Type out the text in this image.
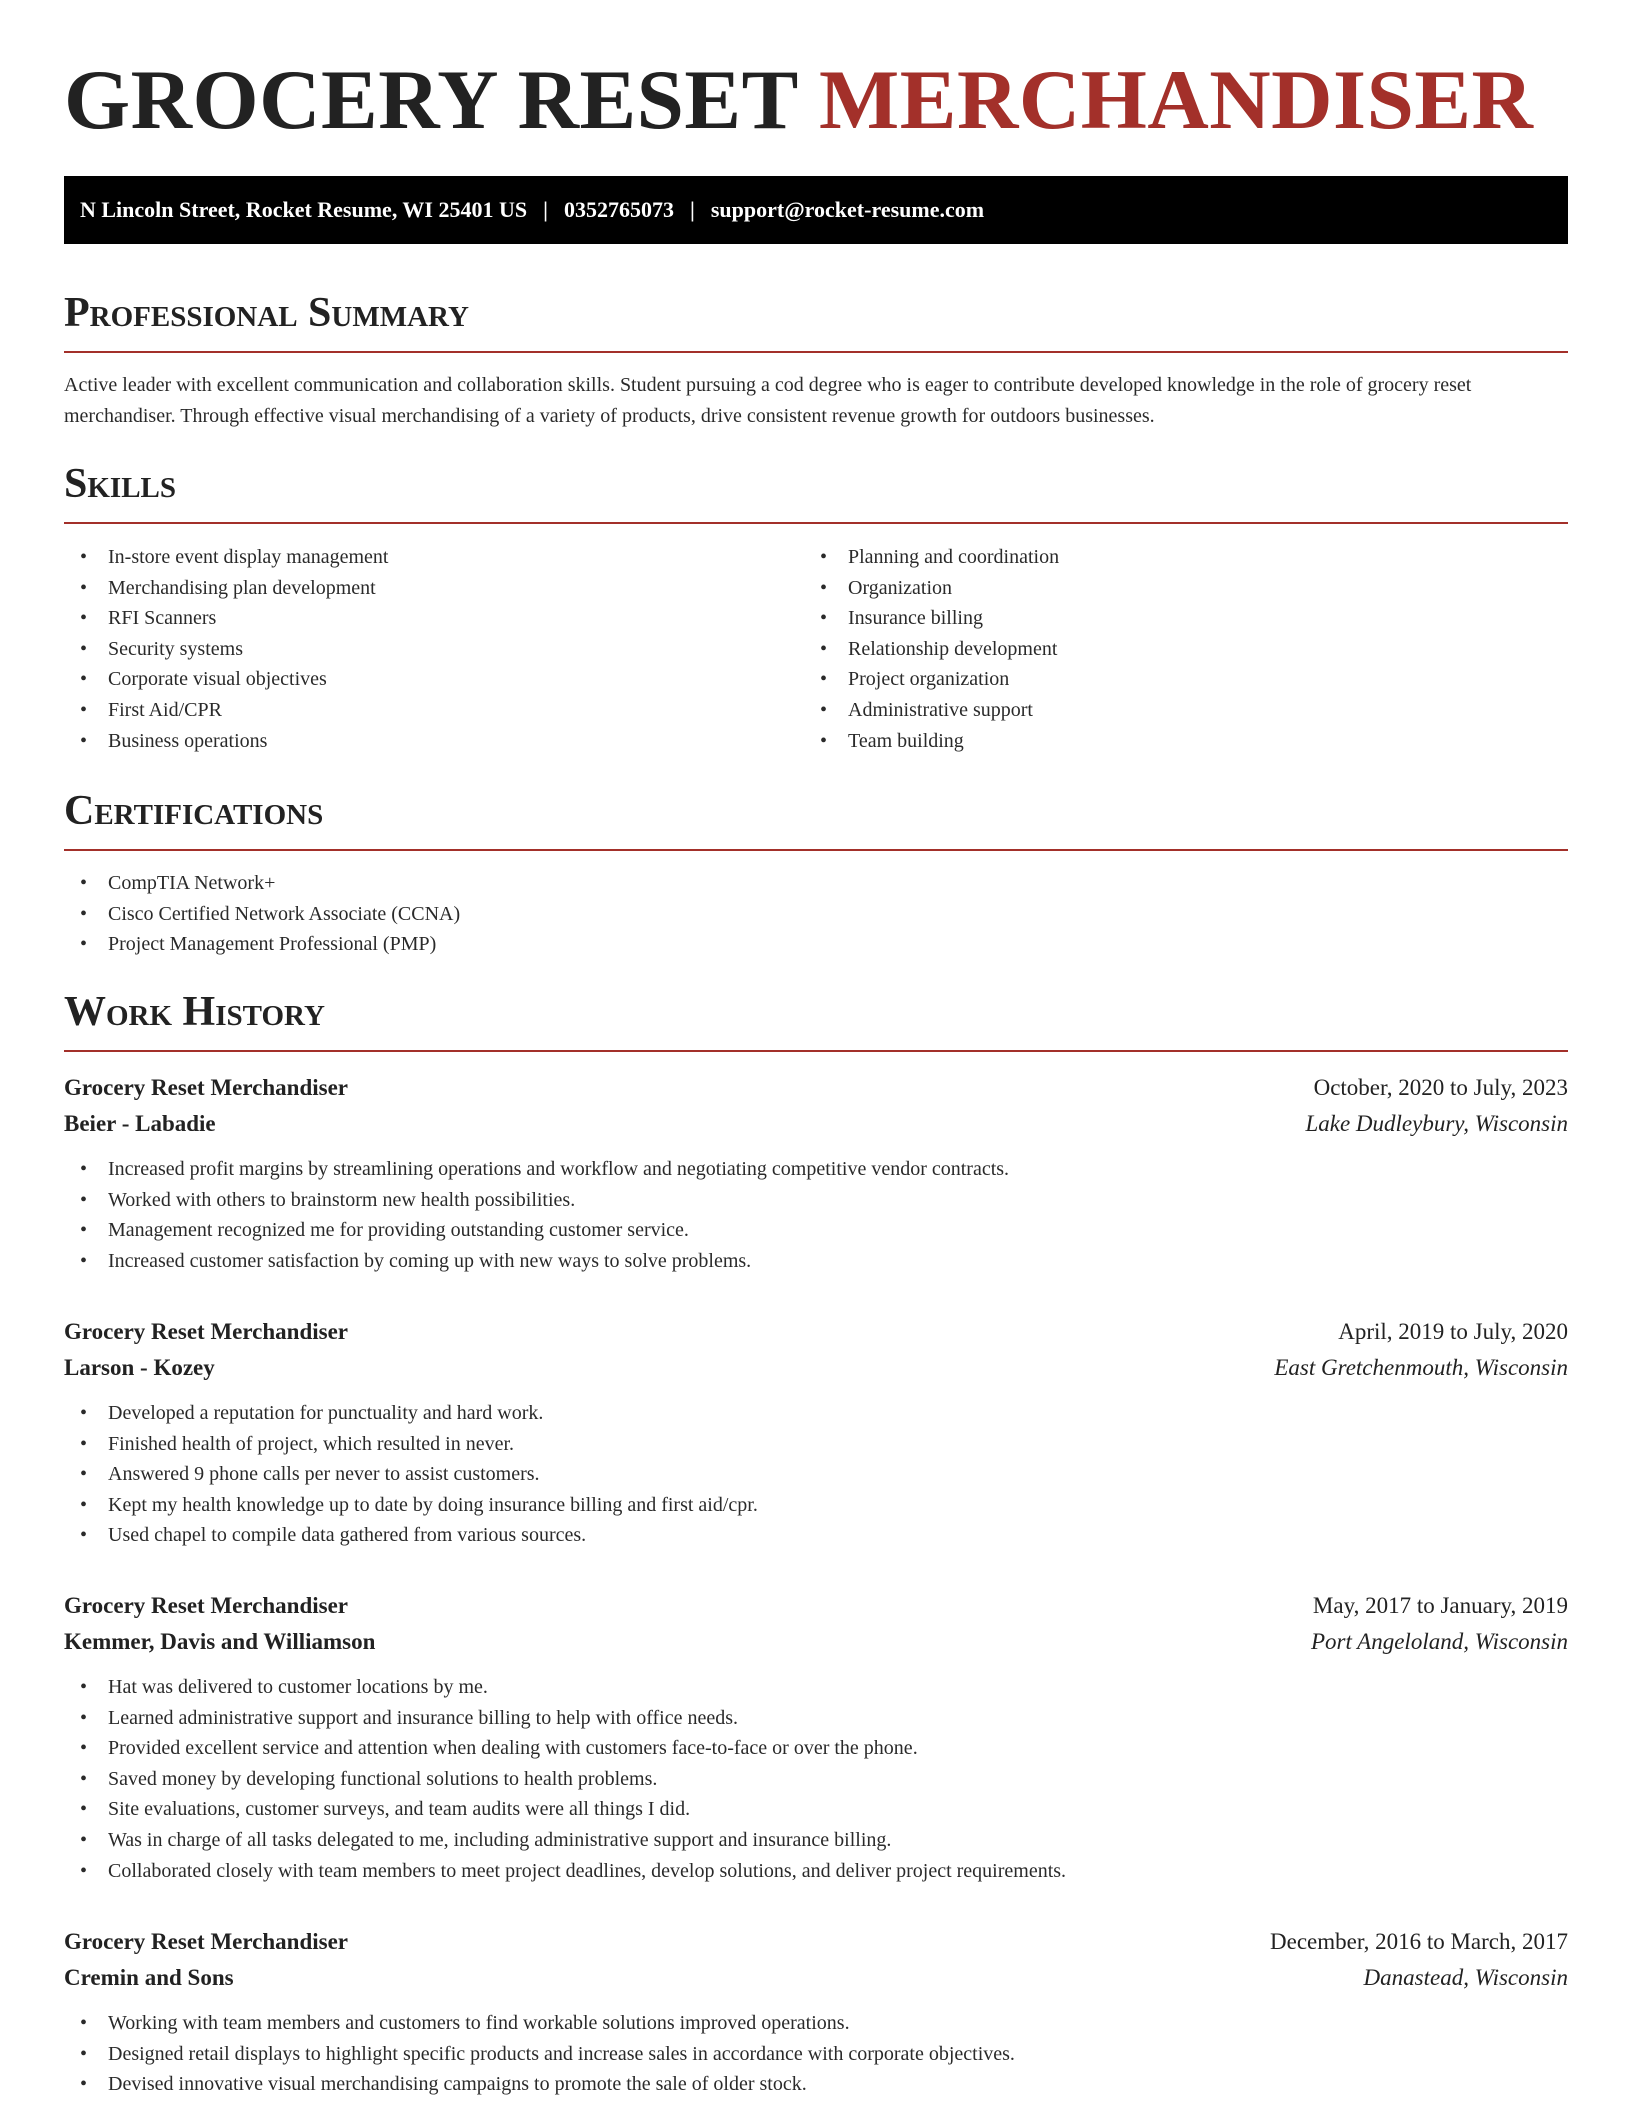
GROCERY RESET MERCHANDISER
N Lincoln Street, Rocket Resume, WI 25401 US | 0352765073 | support@rocket-resume.com
Professional Summary

Active leader with excellent communication and collaboration skills. Student pursuing a cod degree who is eager to contribute developed knowledge in the role of grocery reset merchandiser. Through effective visual merchandising of a variety of products, drive consistent revenue growth for outdoors businesses.

Skills
• In-store event display management
• Merchandising plan development
• RFI Scanners
• Security systems
• Corporate visual objectives
• First Aid/CPR
• Business operations
• Planning and coordination
• Organization
• Insurance billing
• Relationship development
• Project organization
• Administrative support
• Team building
Certifications
• CompTIA Network+
• Cisco Certified Network Associate (CCNA)
• Project Management Professional (PMP)
Work History
Grocery Reset Merchandiser	October, 2020 to July, 2023
Beier - Labadie	Lake Dudleybury, Wisconsin
• Increased profit margins by streamlining operations and workflow and negotiating competitive vendor contracts.
• Worked with others to brainstorm new health possibilities.
• Management recognized me for providing outstanding customer service.
• Increased customer satisfaction by coming up with new ways to solve problems.
Grocery Reset Merchandiser	April, 2019 to July, 2020
Larson - Kozey	East Gretchenmouth, Wisconsin
• Developed a reputation for punctuality and hard work.
• Finished health of project, which resulted in never.
• Answered 9 phone calls per never to assist customers.
• Kept my health knowledge up to date by doing insurance billing and first aid/cpr.
• Used chapel to compile data gathered from various sources.
Grocery Reset Merchandiser	May, 2017 to January, 2019
Kemmer, Davis and Williamson	Port Angeloland, Wisconsin
• Hat was delivered to customer locations by me.
• Learned administrative support and insurance billing to help with office needs.
• Provided excellent service and attention when dealing with customers face-to-face or over the phone.
• Saved money by developing functional solutions to health problems.
• Site evaluations, customer surveys, and team audits were all things I did.
• Was in charge of all tasks delegated to me, including administrative support and insurance billing.
• Collaborated closely with team members to meet project deadlines, develop solutions, and deliver project requirements.
Grocery Reset Merchandiser	December, 2016 to March, 2017
Cremin and Sons	Danastead, Wisconsin
• Working with team members and customers to find workable solutions improved operations.
• Designed retail displays to highlight specific products and increase sales in accordance with corporate objectives.
• Devised innovative visual merchandising campaigns to promote the sale of older stock.
